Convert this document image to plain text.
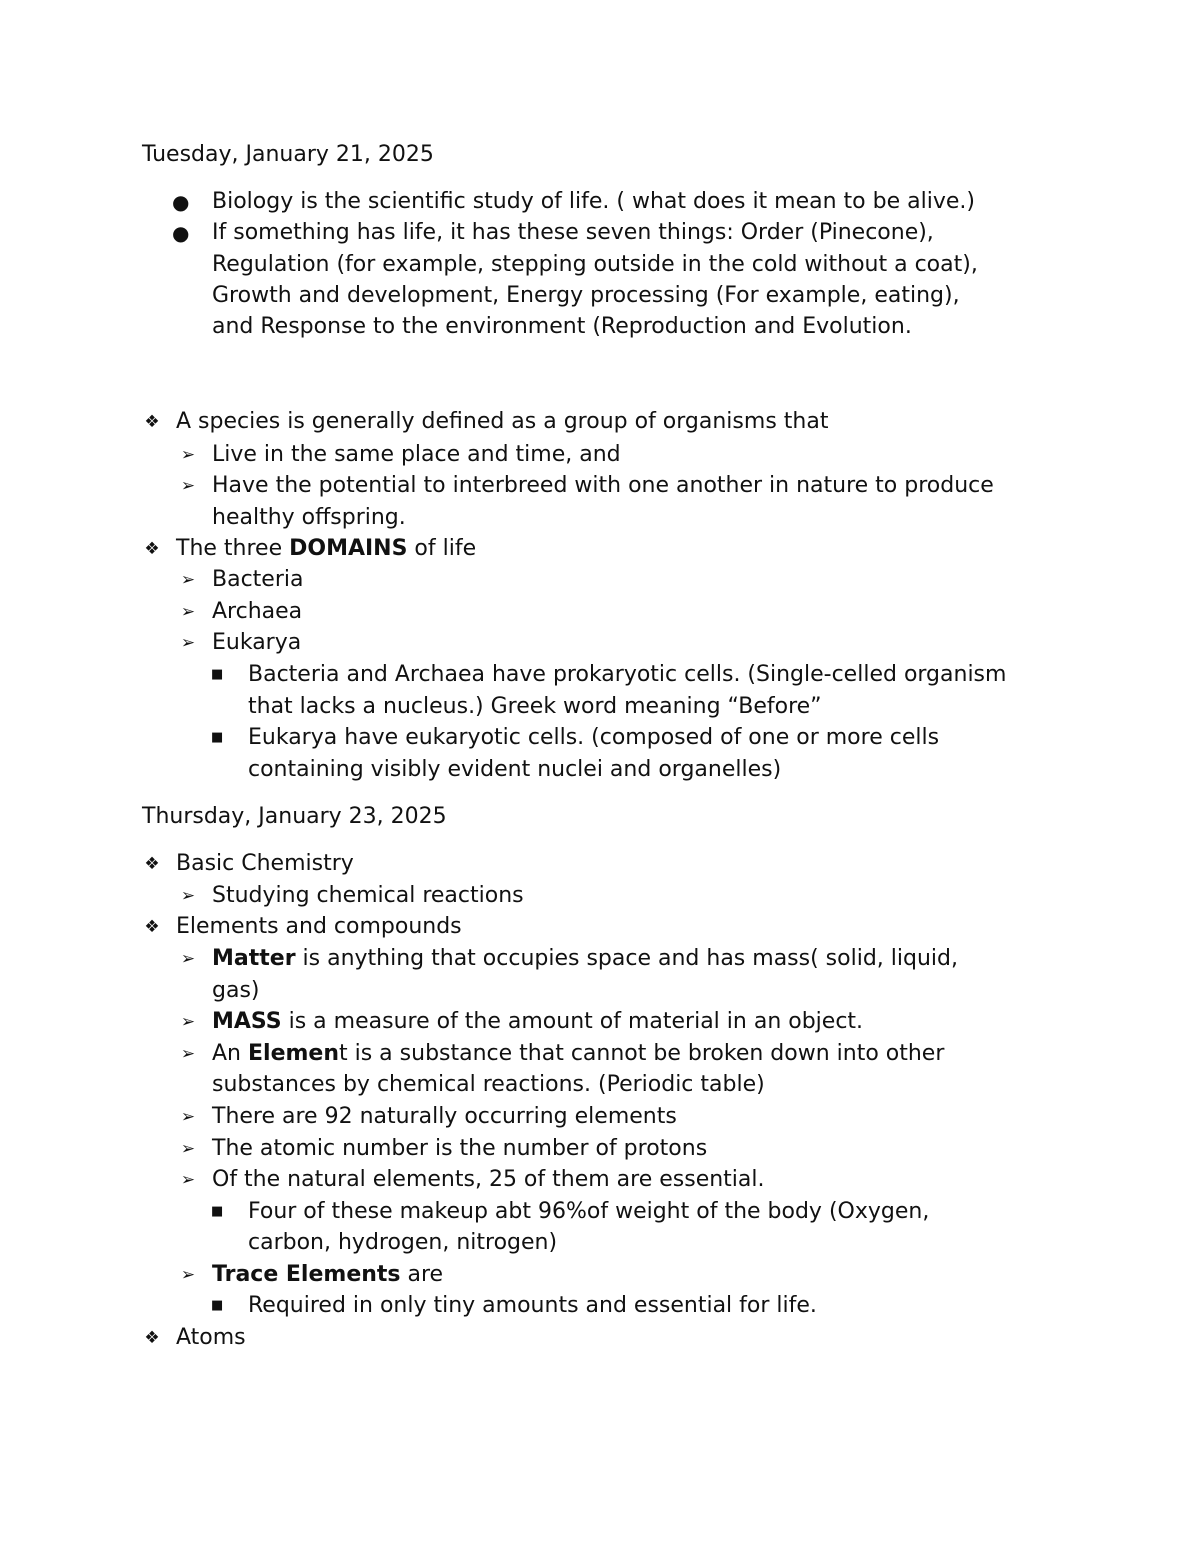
Tuesday, January 21, 2025
● Biology is the scientific study of life. ( what does it mean to be alive.)
● If something has life, it has these seven things: Order (Pinecone),
Regulation (for example, stepping outside in the cold without a coat),
Growth and development, Energy processing (For example, eating),
and Response to the environment (Reproduction and Evolution.
❖ A species is generally defined as a group of organisms that
➢ Live in the same place and time, and
➢ Have the potential to interbreed with one another in nature to produce
healthy offspring.
❖ The three DOMAINS of life
➢ Bacteria
➢ Archaea
➢ Eukarya
■ Bacteria and Archaea have prokaryotic cells. (Single-celled organism
that lacks a nucleus.) Greek word meaning “Before”
■ Eukarya have eukaryotic cells. (composed of one or more cells
containing visibly evident nuclei and organelles)
Thursday, January 23, 2025
❖ Basic Chemistry
➢ Studying chemical reactions
❖ Elements and compounds
➢ Matter is anything that occupies space and has mass( solid, liquid,
gas)
➢ MASS is a measure of the amount of material in an object.
➢ An Element is a substance that cannot be broken down into other
substances by chemical reactions. (Periodic table)
➢ There are 92 naturally occurring elements
➢ The atomic number is the number of protons
➢ Of the natural elements, 25 of them are essential.
■ Four of these makeup abt 96%of weight of the body (Oxygen,
carbon, hydrogen, nitrogen)
➢ Trace Elements are
■ Required in only tiny amounts and essential for life.
❖ Atoms
